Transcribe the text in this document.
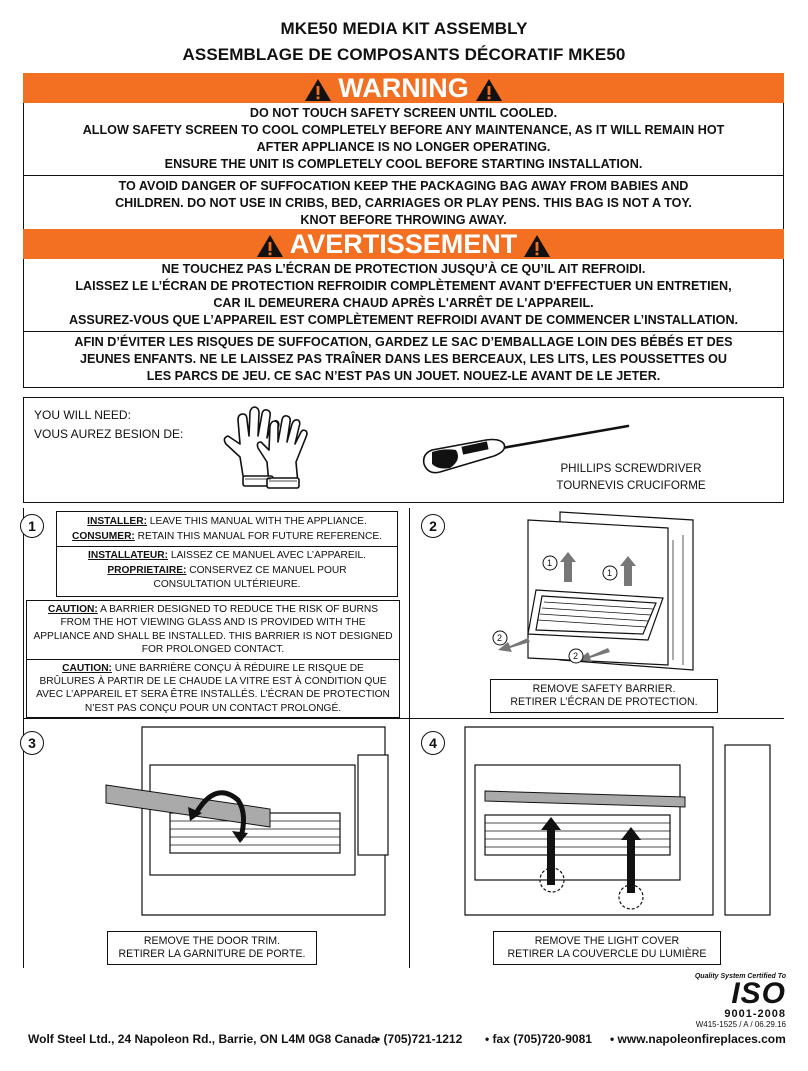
MKE50 MEDIA KIT ASSEMBLY
ASSEMBLAGE DE COMPOSANTS DÉCORATIF MKE50
WARNING
DO NOT TOUCH SAFETY SCREEN UNTIL COOLED.
ALLOW SAFETY SCREEN TO COOL COMPLETELY BEFORE ANY MAINTENANCE, AS IT WILL REMAIN HOT
AFTER APPLIANCE IS NO LONGER OPERATING.
ENSURE THE UNIT IS COMPLETELY COOL BEFORE STARTING INSTALLATION.
TO AVOID DANGER OF SUFFOCATION KEEP THE PACKAGING BAG AWAY FROM BABIES AND
CHILDREN. DO NOT USE IN CRIBS, BED, CARRIAGES OR PLAY PENS. THIS BAG IS NOT A TOY.
KNOT BEFORE THROWING AWAY.
AVERTISSEMENT
NE TOUCHEZ PAS L’ÉCRAN DE PROTECTION JUSQU’À CE QU’IL AIT REFROIDI.
LAISSEZ LE L’ÉCRAN DE PROTECTION REFROIDIR COMPLÈTEMENT AVANT D'EFFECTUER UN ENTRETIEN,
CAR IL DEMEURERA CHAUD APRÈS L'ARRÊT DE L'APPAREIL.
ASSUREZ-VOUS QUE L’APPAREIL EST COMPLÈTEMENT REFROIDI AVANT DE COMMENCER L’INSTALLATION.
AFIN D’ÉVITER LES RISQUES DE SUFFOCATION, GARDEZ LE SAC D’EMBALLAGE LOIN DES BÉBÉS ET DES
JEUNES ENFANTS. NE LE LAISSEZ PAS TRAÎNER DANS LES BERCEAUX, LES LITS, LES POUSSETTES OU
LES PARCS DE JEU. CE SAC N’EST PAS UN JOUET. NOUEZ-LE AVANT DE LE JETER.
YOU WILL NEED:
VOUS AUREZ BESION DE:
PHILLIPS SCREWDRIVER
TOURNEVIS CRUCIFORME
1	INSTALLER: LEAVE THIS MANUAL WITH THE APPLIANCE.
CONSUMER: RETAIN THIS MANUAL FOR FUTURE REFERENCE.
INSTALLATEUR: LAISSEZ CE MANUEL AVEC L’APPAREIL.
PROPRIETAIRE: CONSERVEZ CE MANUEL POUR CONSULTATION ULTÉRIEURE.
CAUTION: A BARRIER DESIGNED TO REDUCE THE RISK OF BURNS FROM THE HOT VIEWING GLASS AND IS PROVIDED WITH THE APPLIANCE AND SHALL BE INSTALLED. THIS BARRIER IS NOT DESIGNED FOR PROLONGED CONTACT.
CAUTION: UNE BARRIÈRE CONÇU À RÉDUIRE LE RISQUE DE BRÛLURES À PARTIR DE LE CHAUDE LA VITRE EST À CONDITION QUE AVEC L’APPAREIL ET SERA ÊTRE INSTALLÉS. L’ÉCRAN DE PROTECTION N’EST PAS CONÇU POUR UN CONTACT PROLONGÉ.
2
1
1
2
2
REMOVE SAFETY BARRIER.
RETIRER L’ÉCRAN DE PROTECTION.
3
REMOVE THE DOOR TRIM.
RETIRER LA GARNITURE DE PORTE.
4
REMOVE THE LIGHT COVER
RETIRER LA COUVERCLE DU LUMIÈRE
Quality System Certified To
ISO
9001-2008
W415-1525 / A / 06.29.16
Wolf Steel Ltd., 24 Napoleon Rd., Barrie, ON L4M 0G8 Canada
• (705)721-1212 • fax (705)720-9081 • www.napoleonfireplaces.com
